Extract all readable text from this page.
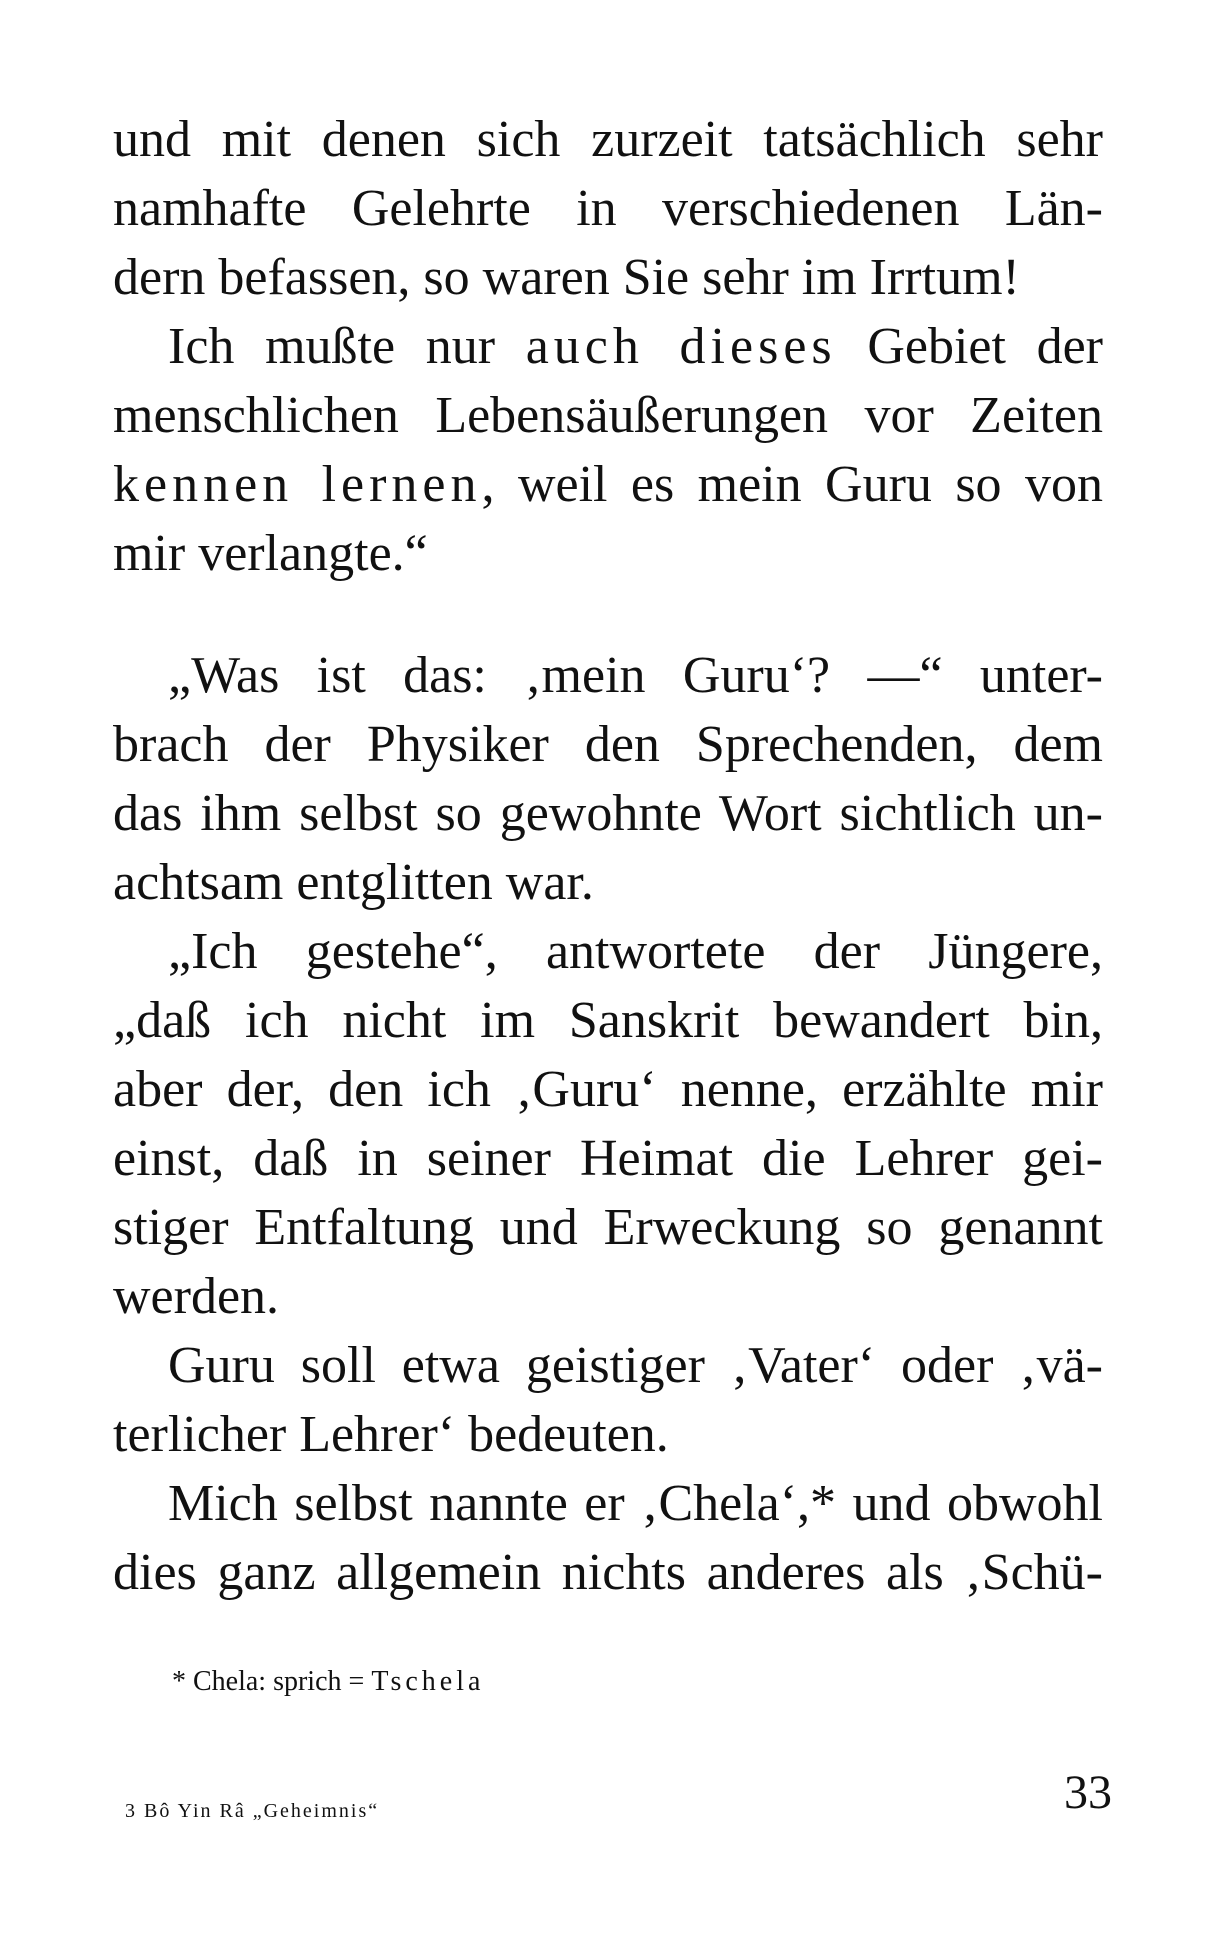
und mit denen sich zurzeit tatsächlich sehr
namhafte Gelehrte in verschiedenen Län-
dern befassen, so waren Sie sehr im Irrtum!
Ich mußte nur auch dieses Gebiet der
menschlichen Lebensäußerungen vor Zeiten
kennen lernen, weil es mein Guru so von
mir verlangte.“
„Was ist das: ‚mein Guru‘? —“ unter-
brach der Physiker den Sprechenden, dem
das ihm selbst so gewohnte Wort sichtlich un-
achtsam entglitten war.
„Ich gestehe“, antwortete der Jüngere,
„daß ich nicht im Sanskrit bewandert bin,
aber der, den ich ‚Guru‘ nenne, erzählte mir
einst, daß in seiner Heimat die Lehrer gei-
stiger Entfaltung und Erweckung so genannt
werden.
Guru soll etwa geistiger ‚Vater‘ oder ‚vä-
terlicher Lehrer‘ bedeuten.
Mich selbst nannte er ‚Chela‘,* und obwohl
dies ganz allgemein nichts anderes als ‚Schü-
* Chela: sprich = Tschela
3 Bô Yin Râ „Geheimnis“	33
